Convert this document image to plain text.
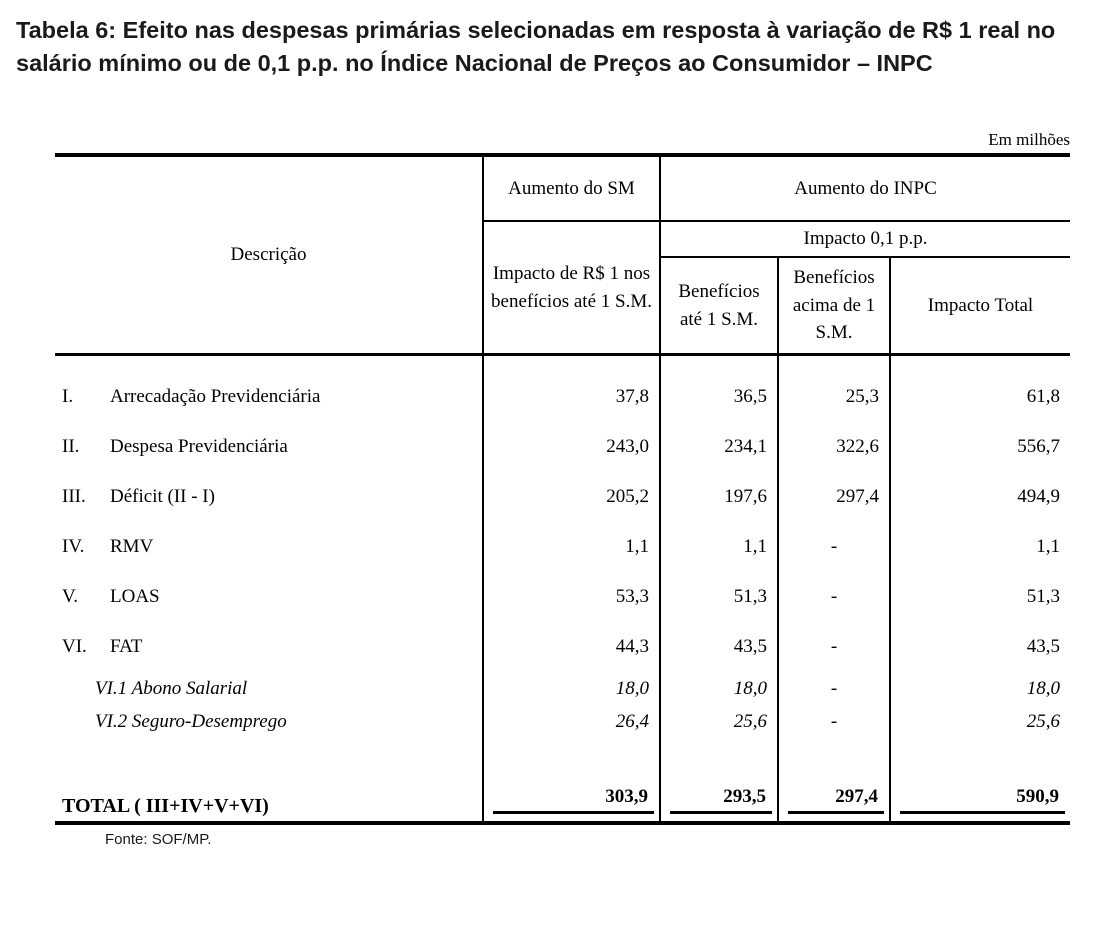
Tabela 6: Efeito nas despesas primárias selecionadas em resposta à variação de R$ 1 real no salário mínimo ou de 0,1 p.p. no Índice Nacional de Preços ao Consumidor – INPC
Em milhões
Descrição	Aumento do SM	Aumento do INPC		
	Impacto de R$ 1 nos benefícios até 1 S.M.	Impacto 0,1 p.p.		
		Benefícios até 1 S.M.	Benefícios acima de 1 S.M.	Impacto Total
I. Arrecadação Previdenciária	37,8	36,5	25,3	61,8
II. Despesa Previdenciária	243,0	234,1	322,6	556,7
III. Déficit (II - I)	205,2	197,6	297,4	494,9
IV. RMV	1,1	1,1	-	1,1
V. LOAS	53,3	51,3	-	51,3
VI. FAT	44,3	43,5	-	43,5
VI.1 Abono Salarial	18,0	18,0	-	18,0
VI.2 Seguro-Desemprego	26,4	25,6	-	25,6
TOTAL ( III+IV+V+VI)	303,9	293,5	297,4	590,9
Fonte: SOF/MP.
